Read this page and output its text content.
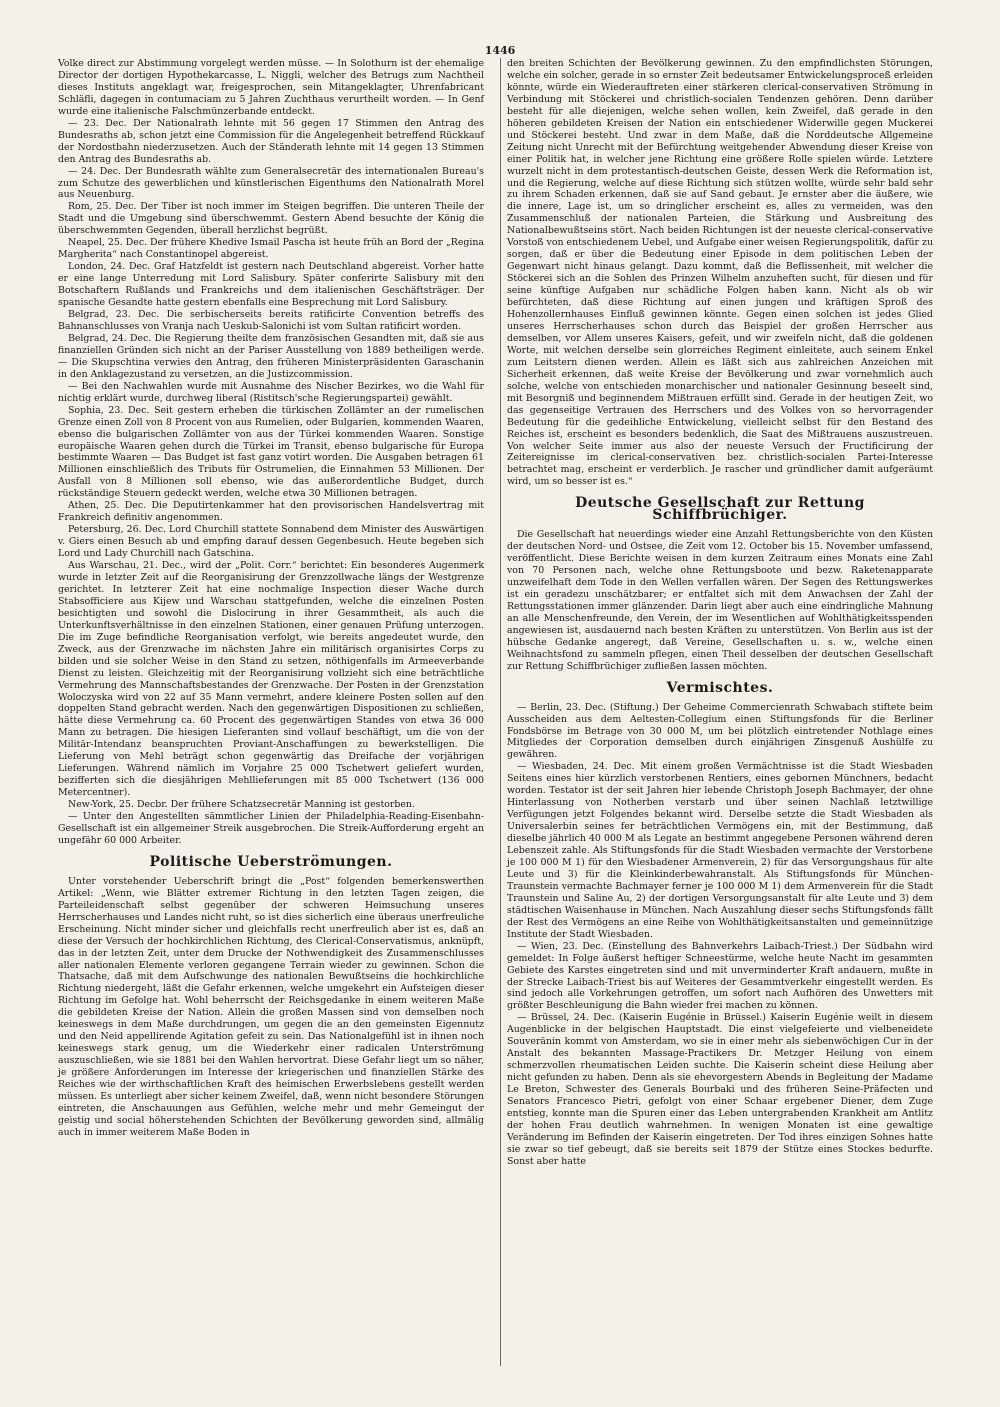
1446

Volke direct zur Abstimmung vorgelegt werden müsse. — In Solothurn ist der ehemalige Director der dortigen Hypothekarcasse, L. Niggli, welcher des Betrugs zum Nachtheil dieses Instituts angeklagt war, freigesprochen, sein Mitangeklagter, Uhrenfabricant Schläfli, dagegen in contumaciam zu 5 Jahren Zuchthaus verurtheilt worden. — In Genf wurde eine italienische Falschmünzerbande entdeckt.

— 23. Dec. Der Nationalrath lehnte mit 56 gegen 17 Stimmen den Antrag des Bundesraths ab, schon jetzt eine Commission für die Angelegenheit betreffend Rückkauf der Nordostbahn niederzusetzen. Auch der Ständerath lehnte mit 14 gegen 13 Stimmen den Antrag des Bundesraths ab.

— 24. Dec. Der Bundesrath wählte zum Generalsecretär des internationalen Bureau's zum Schutze des gewerblichen und künstlerischen Eigenthums den Nationalrath Morel aus Neuenburg.

Rom, 25. Dec. Der Tiber ist noch immer im Steigen begriffen. Die unteren Theile der Stadt und die Umgebung sind überschwemmt. Gestern Abend besuchte der König die überschwemmten Gegenden, überall herzlichst begrüßt.

Neapel, 25. Dec. Der frühere Khedive Ismail Pascha ist heute früh an Bord der „Regina Margherita“ nach Constantinopel abgereist.

London, 24. Dec. Graf Hatzfeldt ist gestern nach Deutschland abgereist. Vorher hatte er eine lange Unterredung mit Lord Salisbury. Später conferirte Salisbury mit den Botschaftern Rußlands und Frankreichs und dem italienischen Geschäftsträger. Der spanische Gesandte hatte gestern ebenfalls eine Besprechung mit Lord Salisbury.

Belgrad, 23. Dec. Die serbischerseits bereits ratificirte Convention betreffs des Bahnanschlusses von Vranja nach Ueskub-Salonichi ist vom Sultan ratificirt worden.

Belgrad, 24. Dec. Die Regierung theilte dem französischen Gesandten mit, daß sie aus finanziellen Gründen sich nicht an der Pariser Ausstellung von 1889 betheiligen werde. — Die Skupschtina verwies den Antrag, den früheren Ministerpräsidenten Garaschanin in den Anklagezustand zu versetzen, an die Justizcommission.

— Bei den Nachwahlen wurde mit Ausnahme des Nischer Bezirkes, wo die Wahl für nichtig erklärt wurde, durchweg liberal (Ristitsch'sche Regierungspartei) gewählt.

Sophia, 23. Dec. Seit gestern erheben die türkischen Zollämter an der rumelischen Grenze einen Zoll von 8 Procent von aus Rumelien, oder Bulgarien, kommenden Waaren, ebenso die bulgarischen Zollämter von aus der Türkei kommenden Waaren. Sonstige europäische Waaren gehen durch die Türkei im Transit, ebenso bulgarische für Europa bestimmte Waaren — Das Budget ist fast ganz votirt worden. Die Ausgaben betragen 61 Millionen einschließlich des Tributs für Ostrumelien, die Einnahmen 53 Millionen. Der Ausfall von 8 Millionen soll ebenso, wie das außerordentliche Budget, durch rückständige Steuern gedeckt werden, welche etwa 30 Millionen betragen.

Athen, 25. Dec. Die Deputirtenkammer hat den provisorischen Handelsvertrag mit Frankreich definitiv angenommen.

Petersburg, 26. Dec. Lord Churchill stattete Sonnabend dem Minister des Auswärtigen v. Giers einen Besuch ab und empfing darauf dessen Gegenbesuch. Heute begeben sich Lord und Lady Churchill nach Gatschina.

Aus Warschau, 21. Dec., wird der „Polit. Corr.“ berichtet: Ein besonderes Augenmerk wurde in letzter Zeit auf die Reorganisirung der Grenzzollwache längs der Westgrenze gerichtet. In letzterer Zeit hat eine nochmalige Inspection dieser Wache durch Stabsofficiere aus Kijew und Warschau stattgefunden, welche die einzelnen Posten besichtigten und sowohl die Dislocirung in ihrer Gesammtheit, als auch die Unterkunftsverhältnisse in den einzelnen Stationen, einer genauen Prüfung unterzogen. Die im Zuge befindliche Reorganisation verfolgt, wie bereits angedeutet wurde, den Zweck, aus der Grenzwache im nächsten Jahre ein militärisch organisirtes Corps zu bilden und sie solcher Weise in den Stand zu setzen, nöthigenfalls im Armeeverbande Dienst zu leisten. Gleichzeitig mit der Reorganisirung vollzieht sich eine beträchtliche Vermehrung des Mannschaftsbestandes der Grenzwache. Der Posten in der Grenzstation Woloczyska wird von 22 auf 35 Mann vermehrt, andere kleinere Posten sollen auf den doppelten Stand gebracht werden. Nach den gegenwärtigen Dispositionen zu schließen, hätte diese Vermehrung ca. 60 Procent des gegenwärtigen Standes von etwa 36 000 Mann zu betragen. Die hiesigen Lieferanten sind vollauf beschäftigt, um die von der Militär-Intendanz beanspruchten Proviant-Anschaffungen zu bewerkstelligen. Die Lieferung von Mehl beträgt schon gegenwärtig das Dreifache der vorjährigen Lieferungen. Während nämlich im Vorjahre 25 000 Tschetwert geliefert wurden, bezifferten sich die diesjährigen Mehllieferungen mit 85 000 Tschetwert (136 000 Metercentner).

New-York, 25. Decbr. Der frühere Schatzsecretär Manning ist gestorben.

— Unter den Angestellten sämmtlicher Linien der Philadelphia-Reading-Eisenbahn-Gesellschaft ist ein allgemeiner Streik ausgebrochen. Die Streik-Aufforderung ergeht an ungefähr 60 000 Arbeiter.

Politische Ueberströmungen.

Unter vorstehender Ueberschrift bringt die „Post“ folgenden bemerkenswerthen Artikel: „Wenn, wie Blätter extremer Richtung in den letzten Tagen zeigen, die Parteileidenschaft selbst gegenüber der schweren Heimsuchung unseres Herrscherhauses und Landes nicht ruht, so ist dies sicherlich eine überaus unerfreuliche Erscheinung. Nicht minder sicher und gleichfalls recht unerfreulich aber ist es, daß an diese der Versuch der hochkirchlichen Richtung, des Clerical-Conservatismus, anknüpft, das in der letzten Zeit, unter dem Drucke der Nothwendigkeit des Zusammenschlusses aller nationalen Elemente verloren gegangene Terrain wieder zu gewinnen. Schon die Thatsache, daß mit dem Aufschwunge des nationalen Bewußtseins die hochkirchliche Richtung niedergeht, läßt die Gefahr erkennen, welche umgekehrt ein Aufsteigen dieser Richtung im Gefolge hat. Wohl beherrscht der Reichsgedanke in einem weiteren Maße die gebildeten Kreise der Nation. Allein die großen Massen sind von demselben noch keineswegs in dem Maße durchdrungen, um gegen die an den gemeinsten Eigennutz und den Neid appellirende Agitation gefeit zu sein. Das Nationalgefühl ist in ihnen noch keineswegs stark genug, um die Wiederkehr einer radicalen Unterströmung auszuschließen, wie sie 1881 bei den Wahlen hervortrat. Diese Gefahr liegt um so näher, je größere Anforderungen im Interesse der kriegerischen und finanziellen Stärke des Reiches wie der wirthschaftlichen Kraft des heimischen Erwerbslebens gestellt werden müssen. Es unterliegt aber sicher keinem Zweifel, daß, wenn nicht besondere Störungen eintreten, die Anschauungen aus Gefühlen, welche mehr und mehr Gemeingut der geistig und social höherstehenden Schichten der Bevölkerung geworden sind, allmälig auch in immer weiterem Maße Boden in

den breiten Schichten der Bevölkerung gewinnen. Zu den empfindlichsten Störungen, welche ein solcher, gerade in so ernster Zeit bedeutsamer Entwickelungsproceß erleiden könnte, würde ein Wiederauftreten einer stärkeren clerical-conservativen Strömung in Verbindung mit Stöckerei und christlich-socialen Tendenzen gehören. Denn darüber besteht für alle diejenigen, welche sehen wollen, kein Zweifel, daß gerade in den höheren gebildeten Kreisen der Nation ein entschiedener Widerwille gegen Muckerei und Stöckerei besteht. Und zwar in dem Maße, daß die Norddeutsche Allgemeine Zeitung nicht Unrecht mit der Befürchtung weitgehender Abwendung dieser Kreise von einer Politik hat, in welcher jene Richtung eine größere Rolle spielen würde. Letztere wurzelt nicht in dem protestantisch-deutschen Geiste, dessen Werk die Reformation ist, und die Regierung, welche auf diese Richtung sich stützen wollte, würde sehr bald sehr zu ihrem Schaden erkennen, daß sie auf Sand gebaut. Je ernster aber die äußere, wie die innere, Lage ist, um so dringlicher erscheint es, alles zu vermeiden, was den Zusammenschluß der nationalen Parteien, die Stärkung und Ausbreitung des Nationalbewußtseins stört. Nach beiden Richtungen ist der neueste clerical-conservative Vorstoß von entschiedenem Uebel, und Aufgabe einer weisen Regierungspolitik, dafür zu sorgen, daß er über die Bedeutung einer Episode in dem politischen Leben der Gegenwart nicht hinaus gelangt. Dazu kommt, daß die Beflissenheit, mit welcher die Stöckerei sich an die Sohlen des Prinzen Wilhelm anzuheften sucht, für diesen und für seine künftige Aufgaben nur schädliche Folgen haben kann. Nicht als ob wir befürchteten, daß diese Richtung auf einen jungen und kräftigen Sproß des Hohenzollernhauses Einfluß gewinnen könnte. Gegen einen solchen ist jedes Glied unseres Herrscherhauses schon durch das Beispiel der großen Herrscher aus demselben, vor Allem unseres Kaisers, gefeit, und wir zweifeln nicht, daß die goldenen Worte, mit welchen derselbe sein glorreiches Regiment einleitete, auch seinem Enkel zum Leitstern dienen werden. Allein es läßt sich aus zahlreichen Anzeichen mit Sicherheit erkennen, daß weite Kreise der Bevölkerung und zwar vornehmlich auch solche, welche von entschieden monarchischer und nationaler Gesinnung beseelt sind, mit Besorgniß und beginnendem Mißtrauen erfüllt sind. Gerade in der heutigen Zeit, wo das gegenseitige Vertrauen des Herrschers und des Volkes von so hervorragender Bedeutung für die gedeihliche Entwickelung, vielleicht selbst für den Bestand des Reiches ist, erscheint es besonders bedenklich, die Saat des Mißtrauens auszustreuen. Von welcher Seite immer aus also der neueste Versuch der Fructificirung der Zeitereignisse im clerical-conservativen bez. christlich-socialen Partei-Interesse betrachtet mag, erscheint er verderblich. Je rascher und gründlicher damit aufgeräumt wird, um so besser ist es.“

Deutsche Gesellschaft zur Rettung Schiffbrüchiger.

Die Gesellschaft hat neuerdings wieder eine Anzahl Rettungsberichte von den Küsten der deutschen Nord- und Ostsee, die Zeit vom 12. October bis 15. November umfassend, veröffentlicht. Diese Berichte weisen in dem kurzen Zeitraum eines Monats eine Zahl von 70 Personen nach, welche ohne Rettungsboote und bezw. Raketenapparate unzweifelhaft dem Tode in den Wellen verfallen wären. Der Segen des Rettungswerkes ist ein geradezu unschätzbarer; er entfaltet sich mit dem Anwachsen der Zahl der Rettungsstationen immer glänzender. Darin liegt aber auch eine eindringliche Mahnung an alle Menschenfreunde, den Verein, der im Wesentlichen auf Wohlthätigkeitsspenden angewiesen ist, ausdauernd nach besten Kräften zu unterstützen. Von Berlin aus ist der hübsche Gedanke angeregt, daß Vereine, Gesellschaften u. s. w., welche einen Weihnachtsfond zu sammeln pflegen, einen Theil desselben der deutschen Gesellschaft zur Rettung Schiffbrüchiger zufließen lassen möchten.

Vermischtes.

— Berlin, 23. Dec. (Stiftung.) Der Geheime Commercienrath Schwabach stiftete beim Ausscheiden aus dem Aeltesten-Collegium einen Stiftungsfonds für die Berliner Fondsbörse im Betrage von 30 000 M, um bei plötzlich eintretender Nothlage eines Mitgliedes der Corporation demselben durch einjährigen Zinsgenuß Aushülfe zu gewähren.

— Wiesbaden, 24. Dec. Mit einem großen Vermächtnisse ist die Stadt Wiesbaden Seitens eines hier kürzlich verstorbenen Rentiers, eines gebornen Münchners, bedacht worden. Testator ist der seit Jahren hier lebende Christoph Joseph Bachmayer, der ohne Hinterlassung von Notherben verstarb und über seinen Nachlaß letztwillige Verfügungen jetzt Folgendes bekannt wird. Derselbe setzte die Stadt Wiesbaden als Universalerbin seines fer beträchtlichen Vermögens ein, mit der Bestimmung, daß dieselbe jährlich 40 000 M als Legate an bestimmt angegebene Personen während deren Lebenszeit zahle. Als Stiftungsfonds für die Stadt Wiesbaden vermachte der Verstorbene je 100 000 M 1) für den Wiesbadener Armenverein, 2) für das Versorgungshaus für alte Leute und 3) für die Kleinkinderbewahranstalt. Als Stiftungsfonds für München-Traunstein vermachte Bachmayer ferner je 100 000 M 1) dem Armenverein für die Stadt Traunstein und Saline Au, 2) der dortigen Versorgungsanstalt für alte Leute und 3) dem städtischen Waisenhause in München. Nach Auszahlung dieser sechs Stiftungsfonds fällt der Rest des Vermögens an eine Reihe von Wohlthätigkeitsanstalten und gemeinnützige Institute der Stadt Wiesbaden.

— Wien, 23. Dec. (Einstellung des Bahnverkehrs Laibach-Triest.) Der Südbahn wird gemeldet: In Folge äußerst heftiger Schneestürme, welche heute Nacht im gesammten Gebiete des Karstes eingetreten sind und mit unverminderter Kraft andauern, mußte in der Strecke Laibach-Triest bis auf Weiteres der Gesammtverkehr eingestellt werden. Es sind jedoch alle Vorkehrungen getroffen, um sofort nach Aufhören des Unwetters mit größter Beschleunigung die Bahn wieder frei machen zu können.

— Brüssel, 24. Dec. (Kaiserin Eugénie in Brüssel.) Kaiserin Eugénie weilt in diesem Augenblicke in der belgischen Hauptstadt. Die einst vielgefeierte und vielbeneidete Souveränin kommt von Amsterdam, wo sie in einer mehr als siebenwöchigen Cur in der Anstalt des bekannten Massage-Practikers Dr. Metzger Heilung von einem schmerzvollen rheumatischen Leiden suchte. Die Kaiserin scheint diese Heilung aber nicht gefunden zu haben. Denn als sie ehevorgestern Abends in Begleitung der Madame Le Breton, Schwester des Generals Bourbaki und des früheren Seine-Präfecten und Senators Francesco Pietri, gefolgt von einer Schaar ergebener Diener, dem Zuge entstieg, konnte man die Spuren einer das Leben untergrabenden Krankheit am Antlitz der hohen Frau deutlich wahrnehmen. In wenigen Monaten ist eine gewaltige Veränderung im Befinden der Kaiserin eingetreten. Der Tod ihres einzigen Sohnes hatte sie zwar so tief gebeugt, daß sie bereits seit 1879 der Stütze eines Stockes bedurfte. Sonst aber hatte
